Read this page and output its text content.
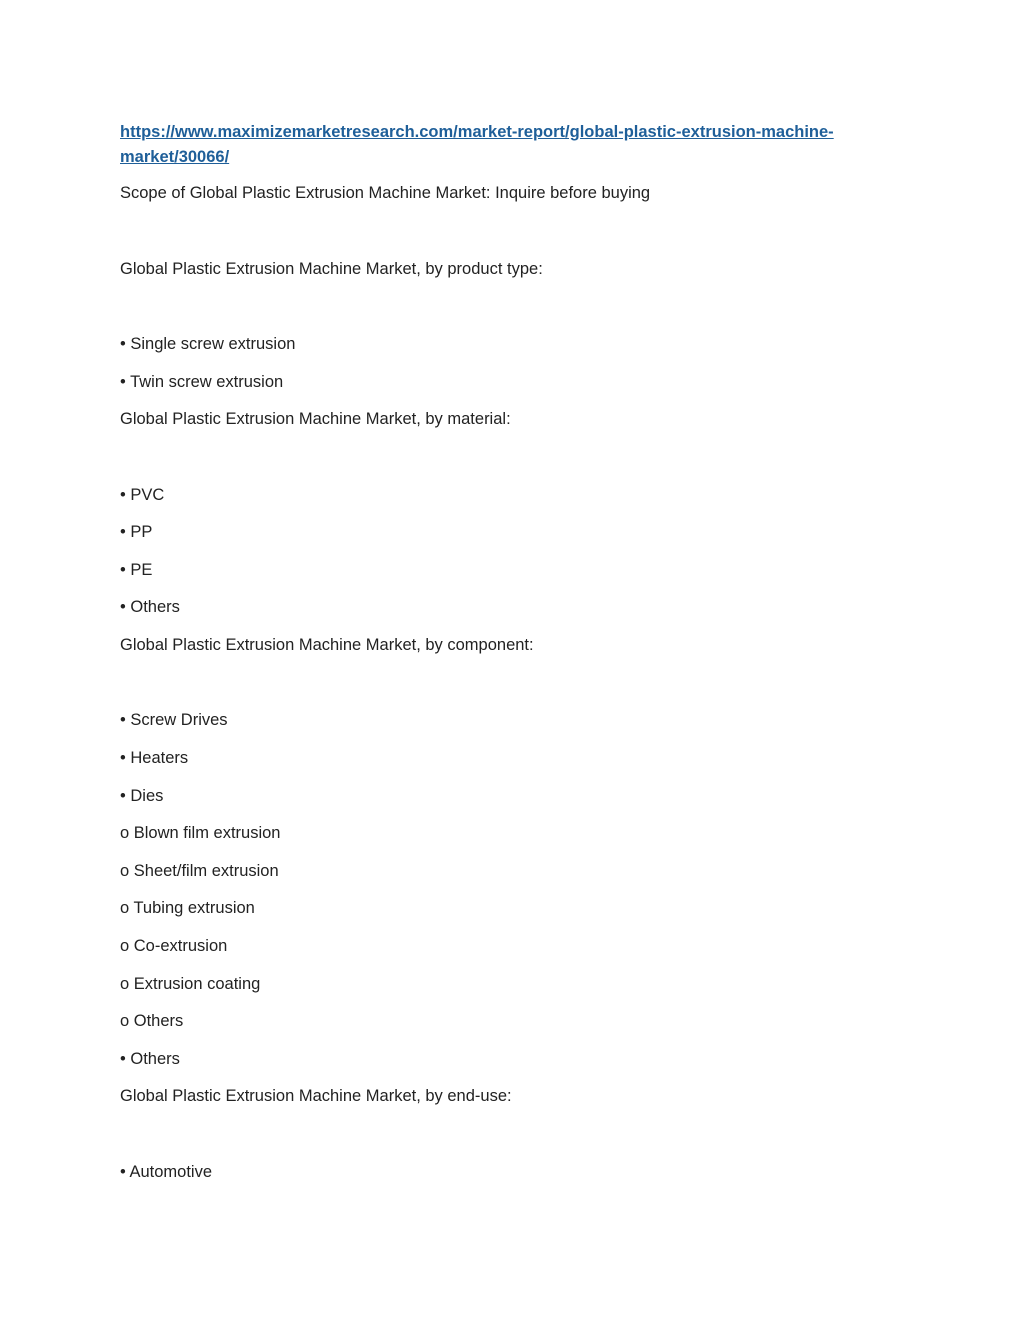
https://www.maximizemarketresearch.com/market-report/global-plastic-extrusion-machine-
market/30066/

Scope of Global Plastic Extrusion Machine Market: Inquire before buying

Global Plastic Extrusion Machine Market, by product type:

• Single screw extrusion

• Twin screw extrusion

Global Plastic Extrusion Machine Market, by material:

• PVC

• PP

• PE

• Others

Global Plastic Extrusion Machine Market, by component:

• Screw Drives

• Heaters

• Dies

o Blown film extrusion

o Sheet/film extrusion

o Tubing extrusion

o Co-extrusion

o Extrusion coating

o Others

• Others

Global Plastic Extrusion Machine Market, by end-use:

• Automotive
